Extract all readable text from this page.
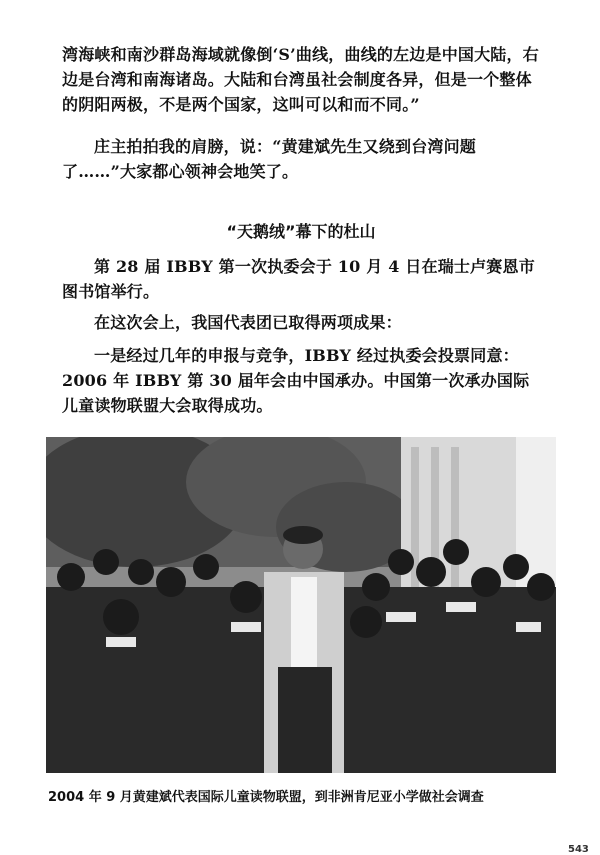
湾海峡和南沙群岛海域就像倒‘S’曲线，曲线的左边是中国大陆，右边是台湾和南海诸岛。大陆和台湾虽社会制度各异，但是一个整体的阴阳两极，不是两个国家，这叫可以和而不同。”

庄主拍拍我的肩膀，说：“黄建斌先生又绕到台湾问题了……”大家都心领神会地笑了。

“天鹅绒”幕下的杜山

第 28 届 IBBY 第一次执委会于 10 月 4 日在瑞士卢赛恩市图书馆举行。

在这次会上，我国代表团已取得两项成果：

一是经过几年的申报与竞争，IBBY 经过执委会投票同意：2006 年 IBBY 第 30 届年会由中国承办。中国第一次承办国际儿童读物联盟大会取得成功。

2004 年 9 月黄建斌代表国际儿童读物联盟，到非洲肯尼亚小学做社会调查
543
